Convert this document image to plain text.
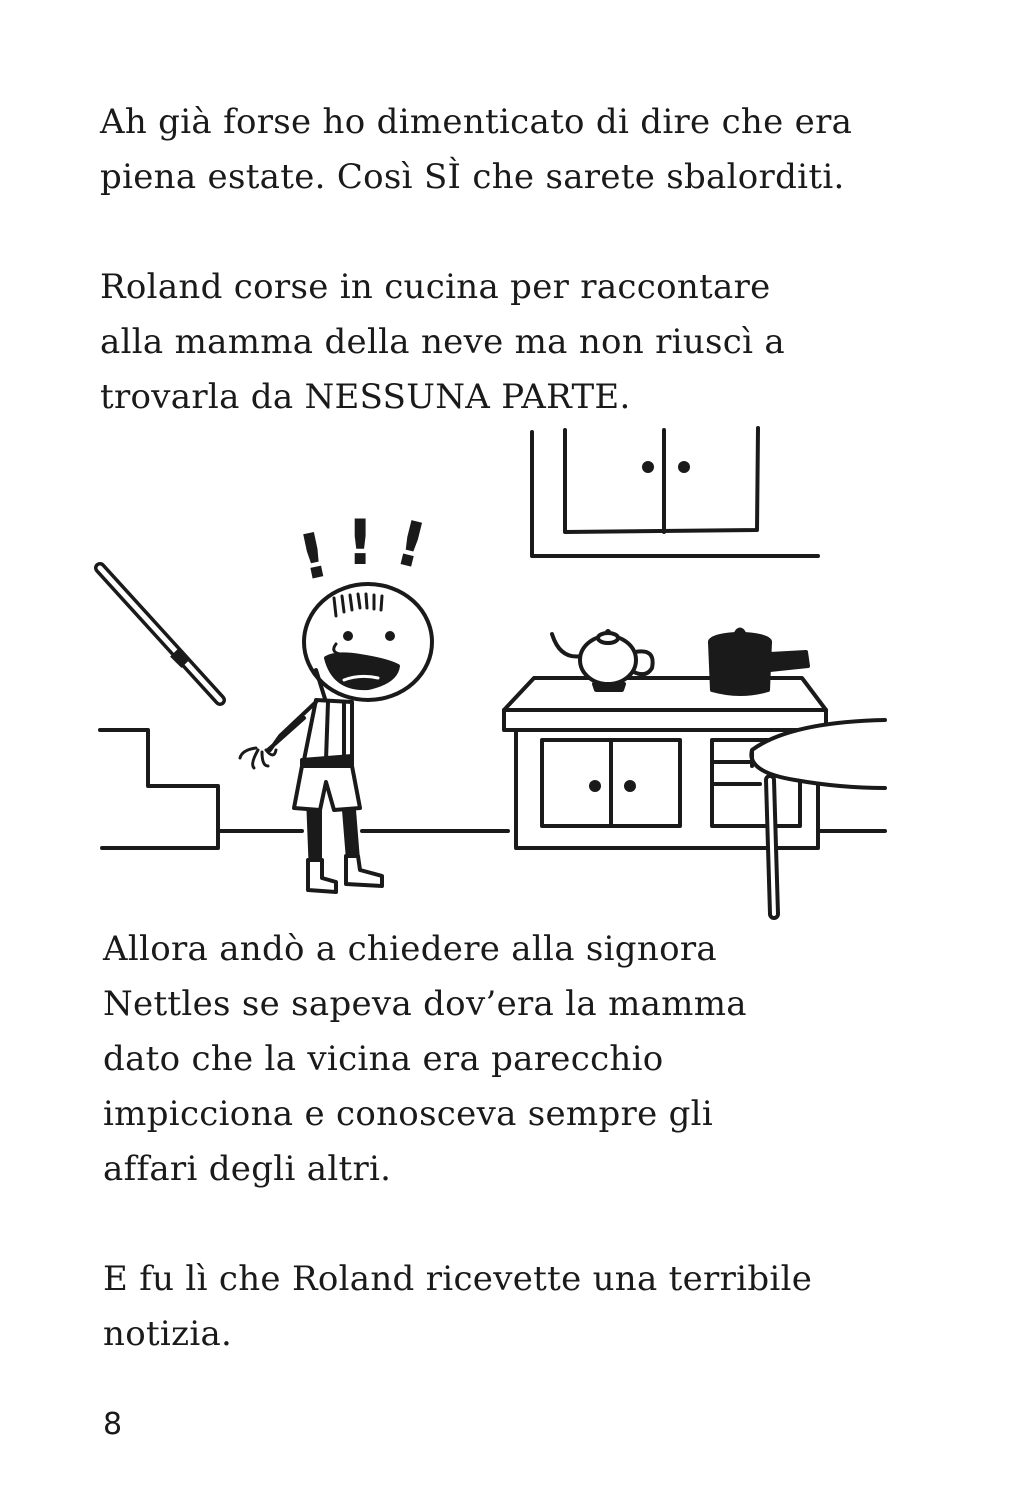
Ah già forse ho dimenticato di dire che era
piena estate. Così SÌ che sarete sbalorditi.

Roland corse in cucina per raccontare
alla mamma della neve ma non riuscì a
trovarla da NESSUNA PARTE.

! ! !

Allora andò a chiedere alla signora
Nettles se sapeva dov’era la mamma
dato che la vicina era parecchio
impicciona e conosceva sempre gli
affari degli altri.

E fu lì che Roland ricevette una terribile
notizia.

8
